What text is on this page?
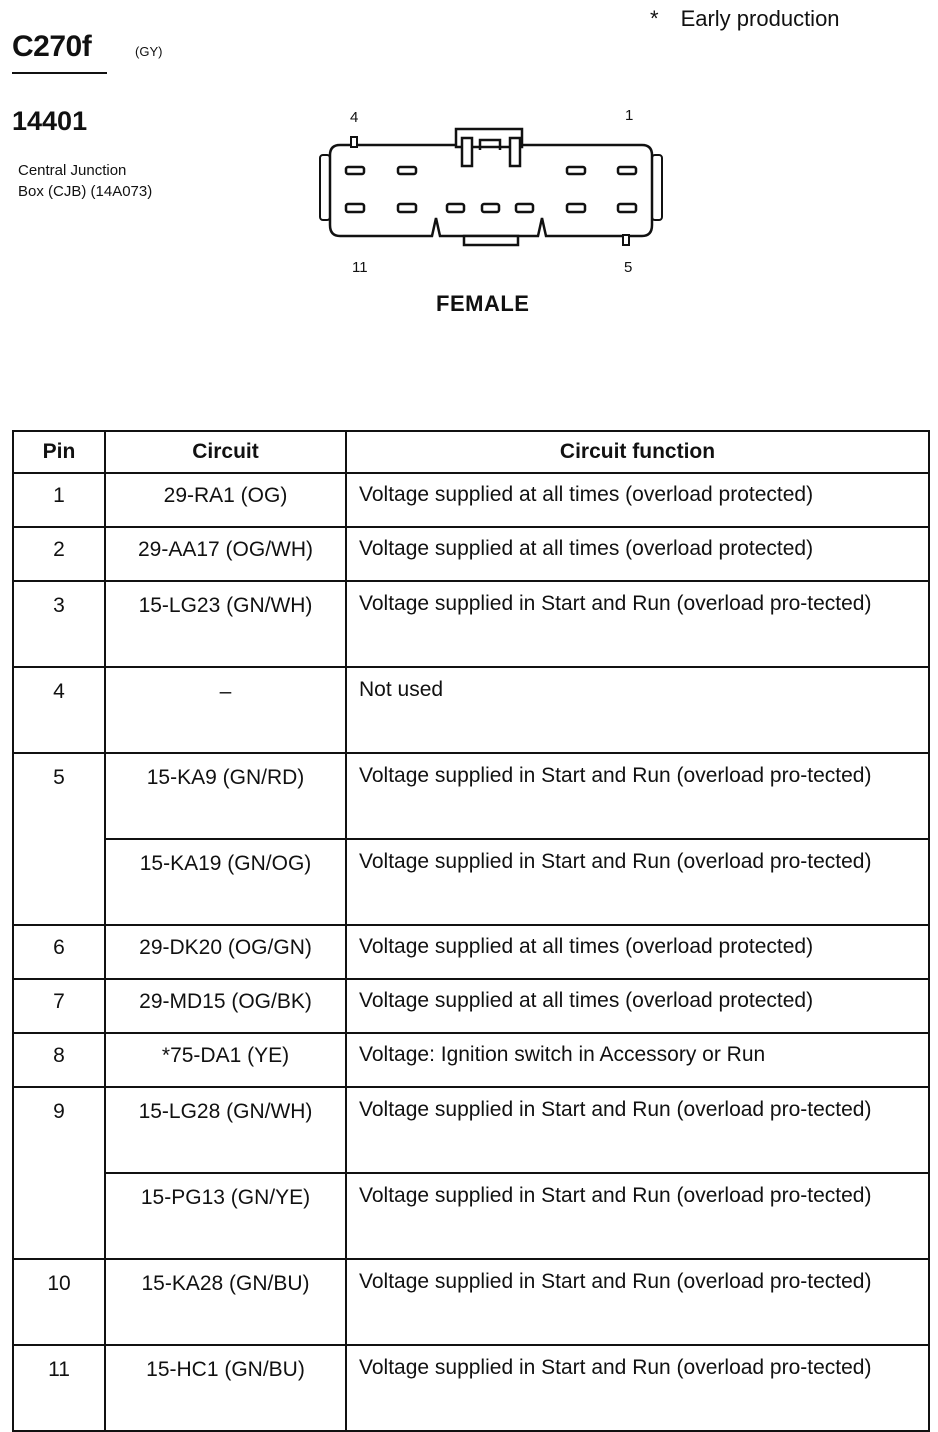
* Early production
C270f	(GY)
14401
Central Junction
Box (CJB) (14A073)
4	1
11	5
FEMALE
Pin	Circuit	Circuit function
1	29-RA1 (OG)	Voltage supplied at all times (overload protected)
2	29-AA17 (OG/WH)	Voltage supplied at all times (overload protected)
3	15-LG23 (GN/WH)	Voltage supplied in Start and Run (overload pro-tected)
4	–	Not used
5	15-KA9 (GN/RD)	Voltage supplied in Start and Run (overload pro-tected)
	15-KA19 (GN/OG)	Voltage supplied in Start and Run (overload pro-tected)
6	29-DK20 (OG/GN)	Voltage supplied at all times (overload protected)
7	29-MD15 (OG/BK)	Voltage supplied at all times (overload protected)
8	*75-DA1 (YE)	Voltage: Ignition switch in Accessory or Run
9	15-LG28 (GN/WH)	Voltage supplied in Start and Run (overload pro-tected)
	15-PG13 (GN/YE)	Voltage supplied in Start and Run (overload pro-tected)
10	15-KA28 (GN/BU)	Voltage supplied in Start and Run (overload pro-tected)
11	15-HC1 (GN/BU)	Voltage supplied in Start and Run (overload pro-tected)
